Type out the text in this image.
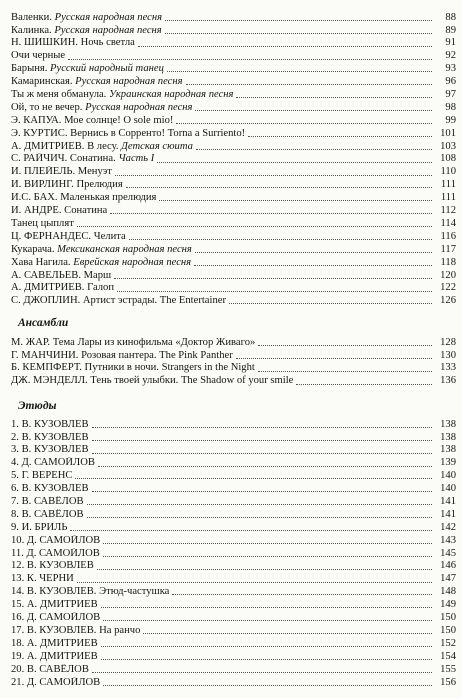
Валенки. Русская народная песня	88
Калинка. Русская народная песня	89
Н. ШИШКИН. Ночь светла	91
Очи черные	92
Барыня. Русский народный танец	93
Камаринская. Русская народная песня	96
Ты ж меня обманула. Украинская народная песня	97
Ой, то не вечер. Русская народная песня	98
Э. КАПУА. Мое солнце! O sole mio!	99
Э. КУРТИС. Вернись в Сорренто! Torna a Surriento!	101
А. ДМИТРИЕВ. В лесу. Детская сюита	103
С. РАЙЧИЧ. Сонатина. Часть I	108
И. ПЛЕЙЕЛЬ. Менуэт	110
И. ВИРЛИНГ. Прелюдия	111
И.С. БАХ. Маленькая прелюдия	111
И. АНДРЕ. Сонатина	112
Танец цыплят	114
Ц. ФЕРНАНДЕС. Челита	116
Кукарача. Мексиканская народная песня	117
Хава Нагила. Еврейская народная песня	118
А. САВЕЛЬЕВ. Марш	120
А. ДМИТРИЕВ. Галоп	122
С. ДЖОПЛИН. Артист эстрады. The Entertainer	126
Ансамбли
М. ЖАР. Тема Лары из кинофильма «Доктор Живаго»	128
Г. МАНЧИНИ. Розовая пантера. The Pink Panther	130
Б. КЕМПФЕРТ. Путники в ночи. Strangers in the Night	133
ДЖ. МЭНДЕЛЛ. Тень твоей улыбки. The Shadow of your smile	136
Этюды
1. В. КУЗОВЛЕВ	138
2. В. КУЗОВЛЕВ	138
3. В. КУЗОВЛЕВ	138
4. Д. САМОЙЛОВ	139
5. Г. ВЕРЕНС	140
6. В. КУЗОВЛЕВ	140
7. В. САВЁЛОВ	141
8. В. САВЁЛОВ	141
9. И. БРИЛЬ	142
10. Д. САМОЙЛОВ	143
11. Д. САМОЙЛОВ	145
12. В. КУЗОВЛЕВ	146
13. К. ЧЕРНИ	147
14. В. КУЗОВЛЕВ. Этюд-частушка	148
15. А. ДМИТРИЕВ	149
16. Д. САМОЙЛОВ	150
17. В. КУЗОВЛЕВ. На ранчо	150
18. А. ДМИТРИЕВ	152
19. А. ДМИТРИЕВ	154
20. В. САВЁЛОВ	155
21. Д. САМОЙЛОВ	156
